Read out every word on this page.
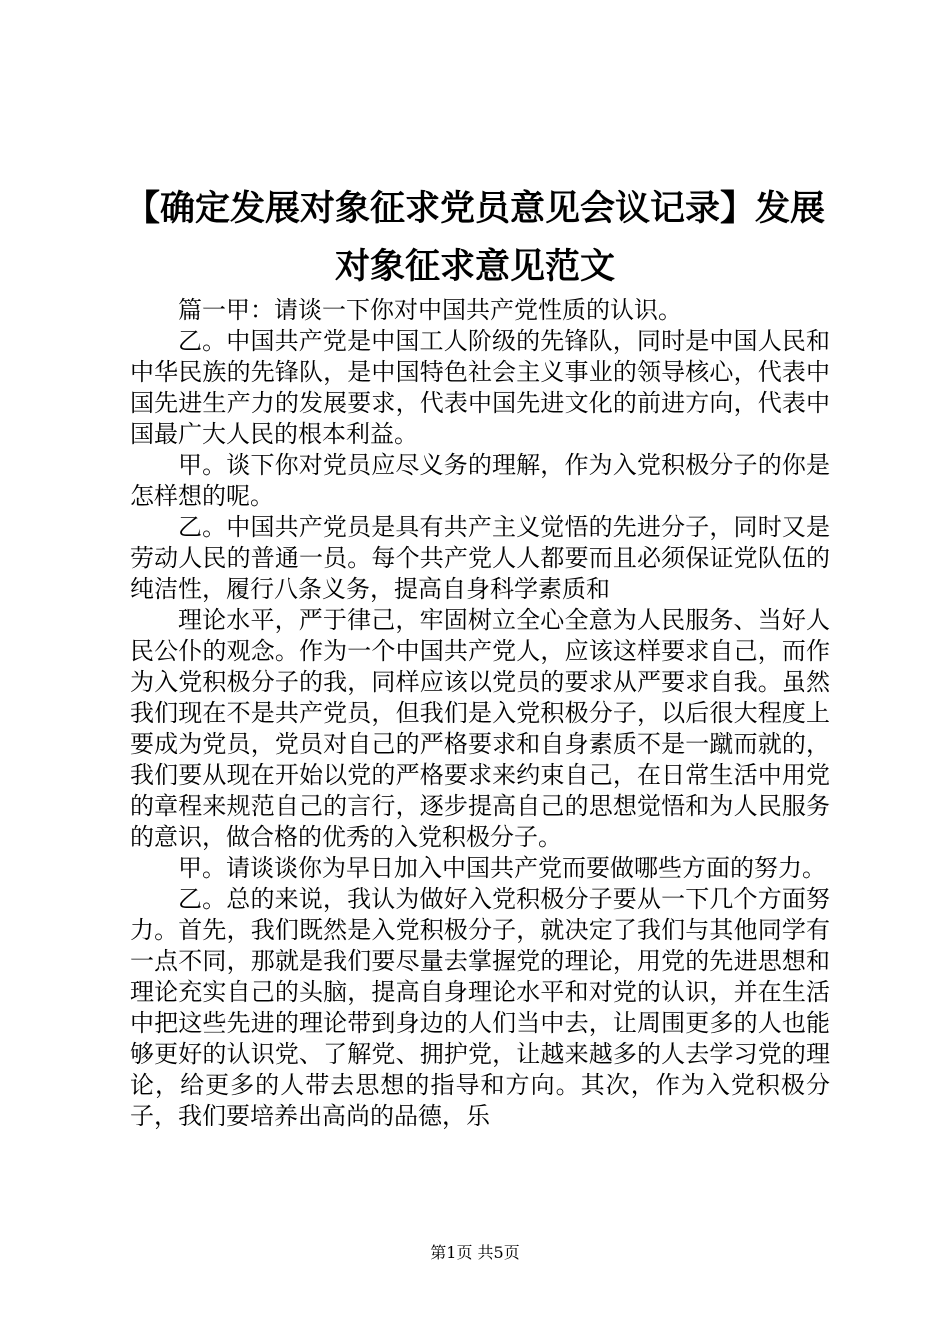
【确定发展对象征求党员意见会议记录】发展
对象征求意见范文

篇一甲：请谈一下你对中国共产党性质的认识。

乙。中国共产党是中国工人阶级的先锋队，同时是中国人民和中华民族的先锋队，是中国特色社会主义事业的领导核心，代表中国先进生产力的发展要求，代表中国先进文化的前进方向，代表中国最广大人民的根本利益。

甲。谈下你对党员应尽义务的理解，作为入党积极分子的你是怎样想的呢。

乙。中国共产党员是具有共产主义觉悟的先进分子，同时又是劳动人民的普通一员。每个共产党人人都要而且必须保证党队伍的纯洁性，履行八条义务，提高自身科学素质和

理论水平，严于律己，牢固树立全心全意为人民服务、当好人民公仆的观念。作为一个中国共产党人，应该这样要求自己，而作为入党积极分子的我，同样应该以党员的要求从严要求自我。虽然我们现在不是共产党员，但我们是入党积极分子，以后很大程度上要成为党员，党员对自己的严格要求和自身素质不是一蹴而就的，我们要从现在开始以党的严格要求来约束自己，在日常生活中用党的章程来规范自己的言行，逐步提高自己的思想觉悟和为人民服务的意识，做合格的优秀的入党积极分子。

甲。请谈谈你为早日加入中国共产党而要做哪些方面的努力。

乙。总的来说，我认为做好入党积极分子要从一下几个方面努力。首先，我们既然是入党积极分子，就决定了我们与其他同学有一点不同，那就是我们要尽量去掌握党的理论，用党的先进思想和理论充实自己的头脑，提高自身理论水平和对党的认识，并在生活中把这些先进的理论带到身边的人们当中去，让周围更多的人也能够更好的认识党、了解党、拥护党，让越来越多的人去学习党的理论，给更多的人带去思想的指导和方向。其次，作为入党积极分子，我们要培养出高尚的品德，乐

第1页 共5页
